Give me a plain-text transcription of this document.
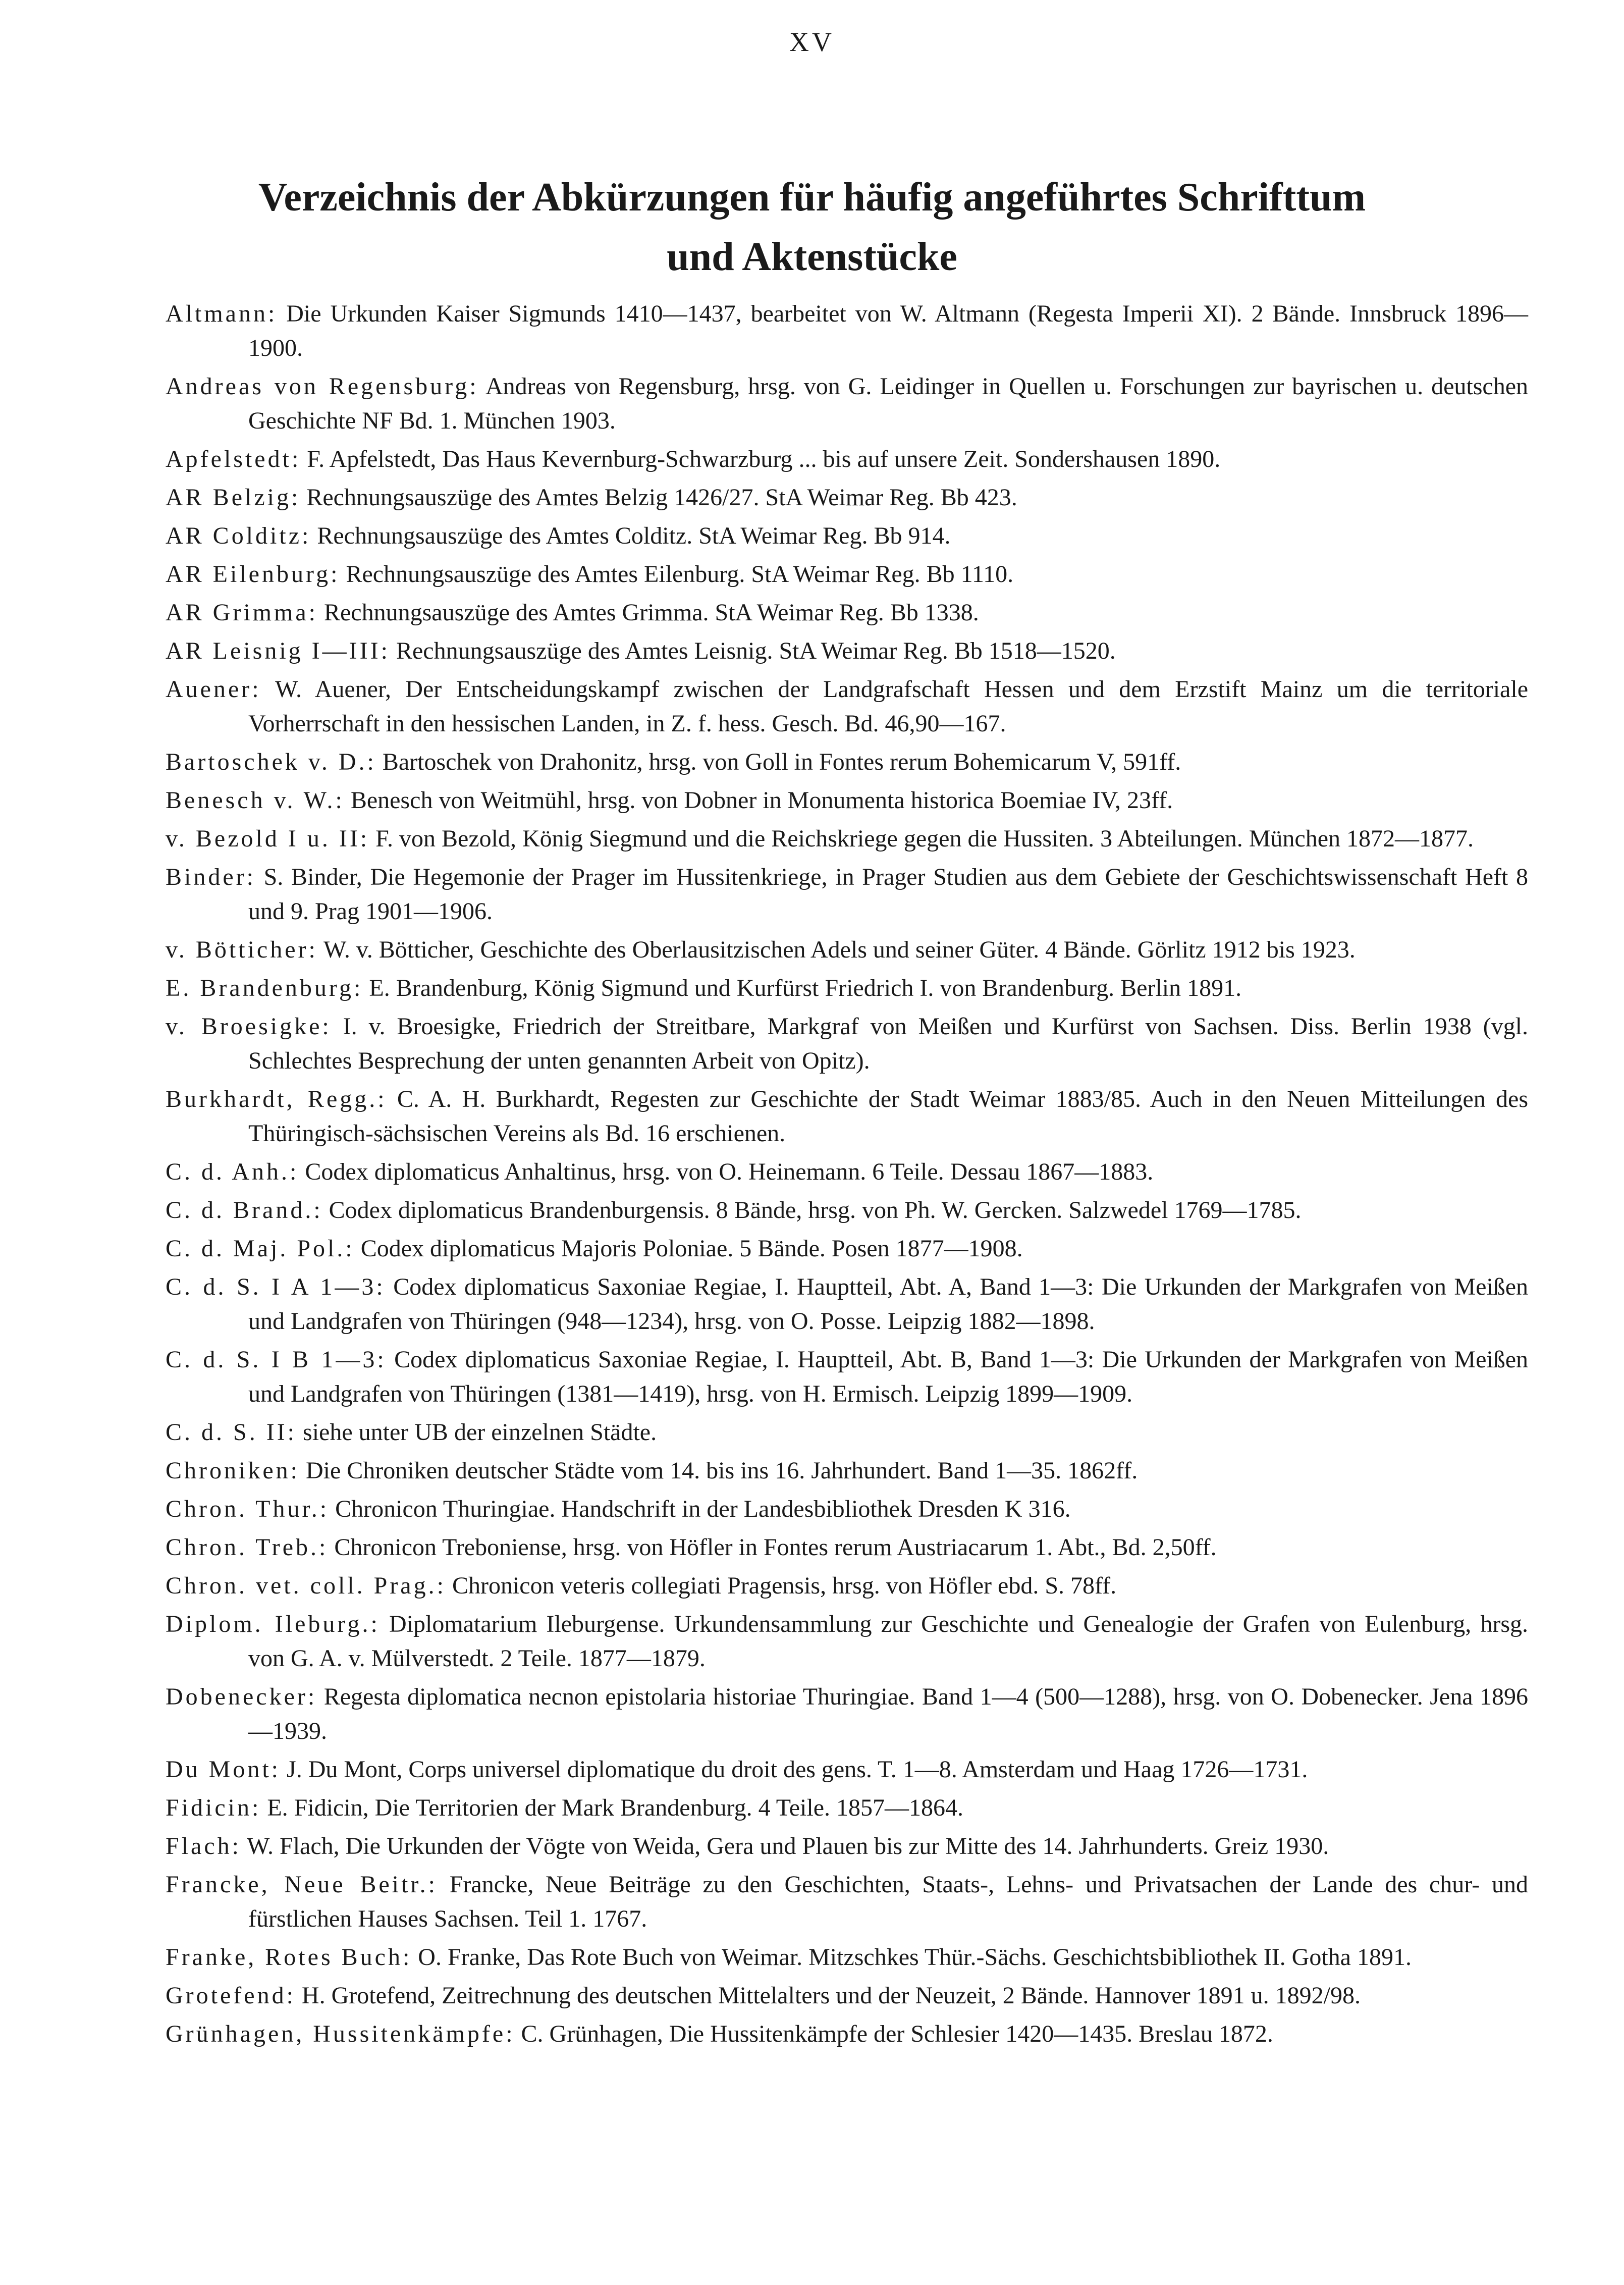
XV
Verzeichnis der Abkürzungen für häufig angeführtes Schrifttum
und Aktenstücke
Altmann: Die Urkunden Kaiser Sigmunds 1410—1437, bearbeitet von W. Altmann (Regesta Imperii XI). 2 Bände. Innsbruck 1896—1900.
Andreas von Regensburg: Andreas von Regensburg, hrsg. von G. Leidinger in Quellen u. Forschungen zur bayrischen u. deutschen Geschichte NF Bd. 1. München 1903.
Apfelstedt: F. Apfelstedt, Das Haus Kevernburg-Schwarzburg ... bis auf unsere Zeit. Sondershausen 1890.
AR Belzig: Rechnungsauszüge des Amtes Belzig 1426/27. StA Weimar Reg. Bb 423.
AR Colditz: Rechnungsauszüge des Amtes Colditz. StA Weimar Reg. Bb 914.
AR Eilenburg: Rechnungsauszüge des Amtes Eilenburg. StA Weimar Reg. Bb 1110.
AR Grimma: Rechnungsauszüge des Amtes Grimma. StA Weimar Reg. Bb 1338.
AR Leisnig I—III: Rechnungsauszüge des Amtes Leisnig. StA Weimar Reg. Bb 1518—1520.
Auener: W. Auener, Der Entscheidungskampf zwischen der Landgrafschaft Hessen und dem Erzstift Mainz um die territoriale Vorherrschaft in den hessischen Landen, in Z. f. hess. Gesch. Bd. 46,90—167.
Bartoschek v. D.: Bartoschek von Drahonitz, hrsg. von Goll in Fontes rerum Bohemicarum V, 591ff.
Benesch v. W.: Benesch von Weitmühl, hrsg. von Dobner in Monumenta historica Boemiae IV, 23ff.
v. Bezold I u. II: F. von Bezold, König Siegmund und die Reichskriege gegen die Hussiten. 3 Abteilungen. München 1872—1877.
Binder: S. Binder, Die Hegemonie der Prager im Hussitenkriege, in Prager Studien aus dem Gebiete der Geschichtswissenschaft Heft 8 und 9. Prag 1901—1906.
v. Bötticher: W. v. Bötticher, Geschichte des Oberlausitzischen Adels und seiner Güter. 4 Bände. Görlitz 1912 bis 1923.
E. Brandenburg: E. Brandenburg, König Sigmund und Kurfürst Friedrich I. von Brandenburg. Berlin 1891.
v. Broesigke: I. v. Broesigke, Friedrich der Streitbare, Markgraf von Meißen und Kurfürst von Sachsen. Diss. Berlin 1938 (vgl. Schlechtes Besprechung der unten genannten Arbeit von Opitz).
Burkhardt, Regg.: C. A. H. Burkhardt, Regesten zur Geschichte der Stadt Weimar 1883/85. Auch in den Neuen Mitteilungen des Thüringisch-sächsischen Vereins als Bd. 16 erschienen.
C. d. Anh.: Codex diplomaticus Anhaltinus, hrsg. von O. Heinemann. 6 Teile. Dessau 1867—1883.
C. d. Brand.: Codex diplomaticus Brandenburgensis. 8 Bände, hrsg. von Ph. W. Gercken. Salzwedel 1769—1785.
C. d. Maj. Pol.: Codex diplomaticus Majoris Poloniae. 5 Bände. Posen 1877—1908.
C. d. S. I A 1—3: Codex diplomaticus Saxoniae Regiae, I. Hauptteil, Abt. A, Band 1—3: Die Urkunden der Markgrafen von Meißen und Landgrafen von Thüringen (948—1234), hrsg. von O. Posse. Leipzig 1882—1898.
C. d. S. I B 1—3: Codex diplomaticus Saxoniae Regiae, I. Hauptteil, Abt. B, Band 1—3: Die Urkunden der Markgrafen von Meißen und Landgrafen von Thüringen (1381—1419), hrsg. von H. Ermisch. Leipzig 1899—1909.
C. d. S. II: siehe unter UB der einzelnen Städte.
Chroniken: Die Chroniken deutscher Städte vom 14. bis ins 16. Jahrhundert. Band 1—35. 1862ff.
Chron. Thur.: Chronicon Thuringiae. Handschrift in der Landesbibliothek Dresden K 316.
Chron. Treb.: Chronicon Treboniense, hrsg. von Höfler in Fontes rerum Austriacarum 1. Abt., Bd. 2,50ff.
Chron. vet. coll. Prag.: Chronicon veteris collegiati Pragensis, hrsg. von Höfler ebd. S. 78ff.
Diplom. Ileburg.: Diplomatarium Ileburgense. Urkundensammlung zur Geschichte und Genealogie der Grafen von Eulenburg, hrsg. von G. A. v. Mülverstedt. 2 Teile. 1877—1879.
Dobenecker: Regesta diplomatica necnon epistolaria historiae Thuringiae. Band 1—4 (500—1288), hrsg. von O. Dobenecker. Jena 1896—1939.
Du Mont: J. Du Mont, Corps universel diplomatique du droit des gens. T. 1—8. Amsterdam und Haag 1726—1731.
Fidicin: E. Fidicin, Die Territorien der Mark Brandenburg. 4 Teile. 1857—1864.
Flach: W. Flach, Die Urkunden der Vögte von Weida, Gera und Plauen bis zur Mitte des 14. Jahrhunderts. Greiz 1930.
Francke, Neue Beitr.: Francke, Neue Beiträge zu den Geschichten, Staats-, Lehns- und Privatsachen der Lande des chur- und fürstlichen Hauses Sachsen. Teil 1. 1767.
Franke, Rotes Buch: O. Franke, Das Rote Buch von Weimar. Mitzschkes Thür.-Sächs. Geschichtsbibliothek II. Gotha 1891.
Grotefend: H. Grotefend, Zeitrechnung des deutschen Mittelalters und der Neuzeit, 2 Bände. Hannover 1891 u. 1892/98.
Grünhagen, Hussitenkämpfe: C. Grünhagen, Die Hussitenkämpfe der Schlesier 1420—1435. Breslau 1872.
